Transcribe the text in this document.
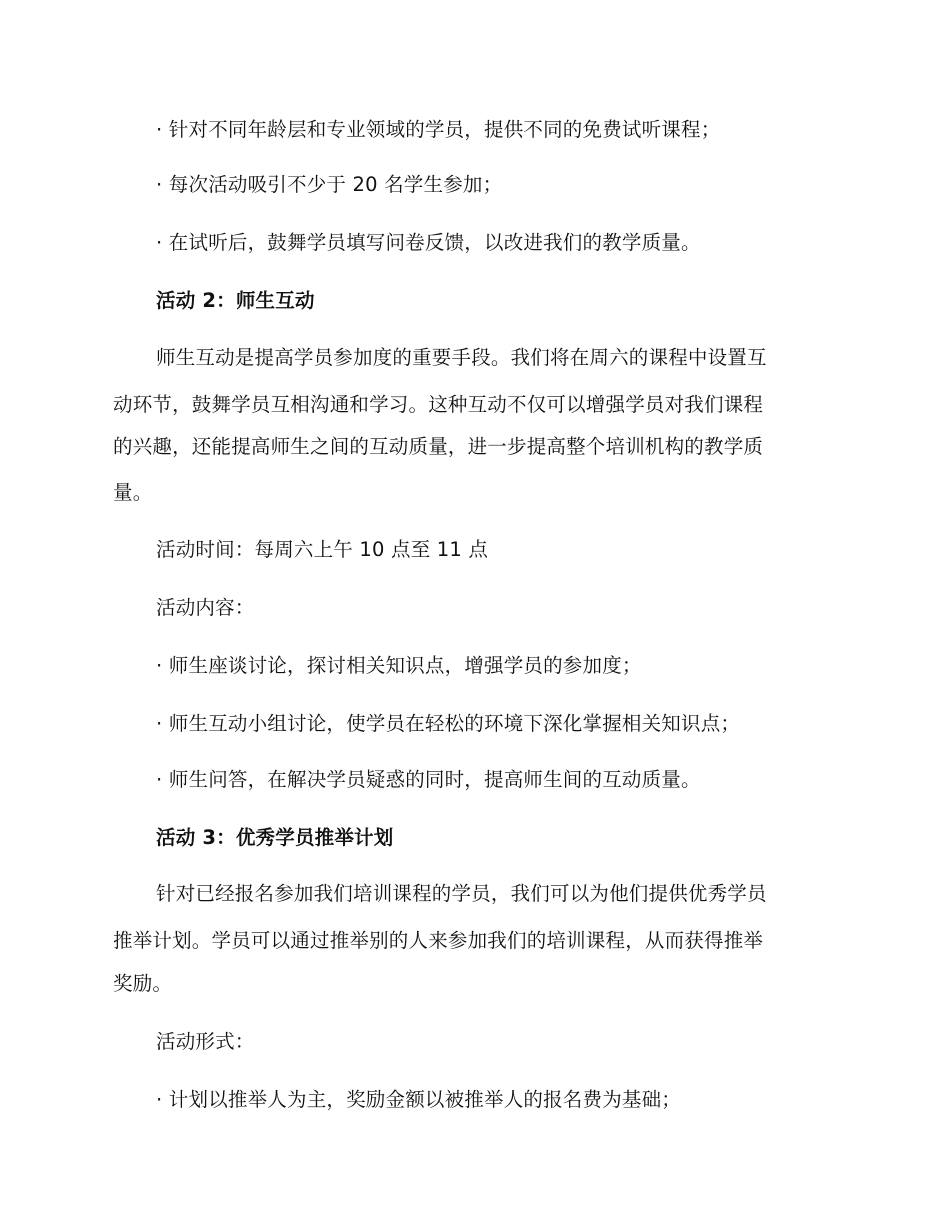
· 针对不同年龄层和专业领域的学员，提供不同的免费试听课程；
· 每次活动吸引不少于 20 名学生参加；
· 在试听后，鼓舞学员填写问卷反馈，以改进我们的教学质量。
活动 2：师生互动
师生互动是提高学员参加度的重要手段。我们将在周六的课程中设置互
动环节，鼓舞学员互相沟通和学习。这种互动不仅可以增强学员对我们课程
的兴趣，还能提高师生之间的互动质量，进一步提高整个培训机构的教学质
量。
活动时间：每周六上午 10 点至 11 点
活动内容：
· 师生座谈讨论，探讨相关知识点，增强学员的参加度；
· 师生互动小组讨论，使学员在轻松的环境下深化掌握相关知识点；
· 师生问答，在解决学员疑惑的同时，提高师生间的互动质量。
活动 3：优秀学员推举计划
针对已经报名参加我们培训课程的学员，我们可以为他们提供优秀学员
推举计划。学员可以通过推举别的人来参加我们的培训课程，从而获得推举
奖励。
活动形式：
· 计划以推举人为主，奖励金额以被推举人的报名费为基础；
